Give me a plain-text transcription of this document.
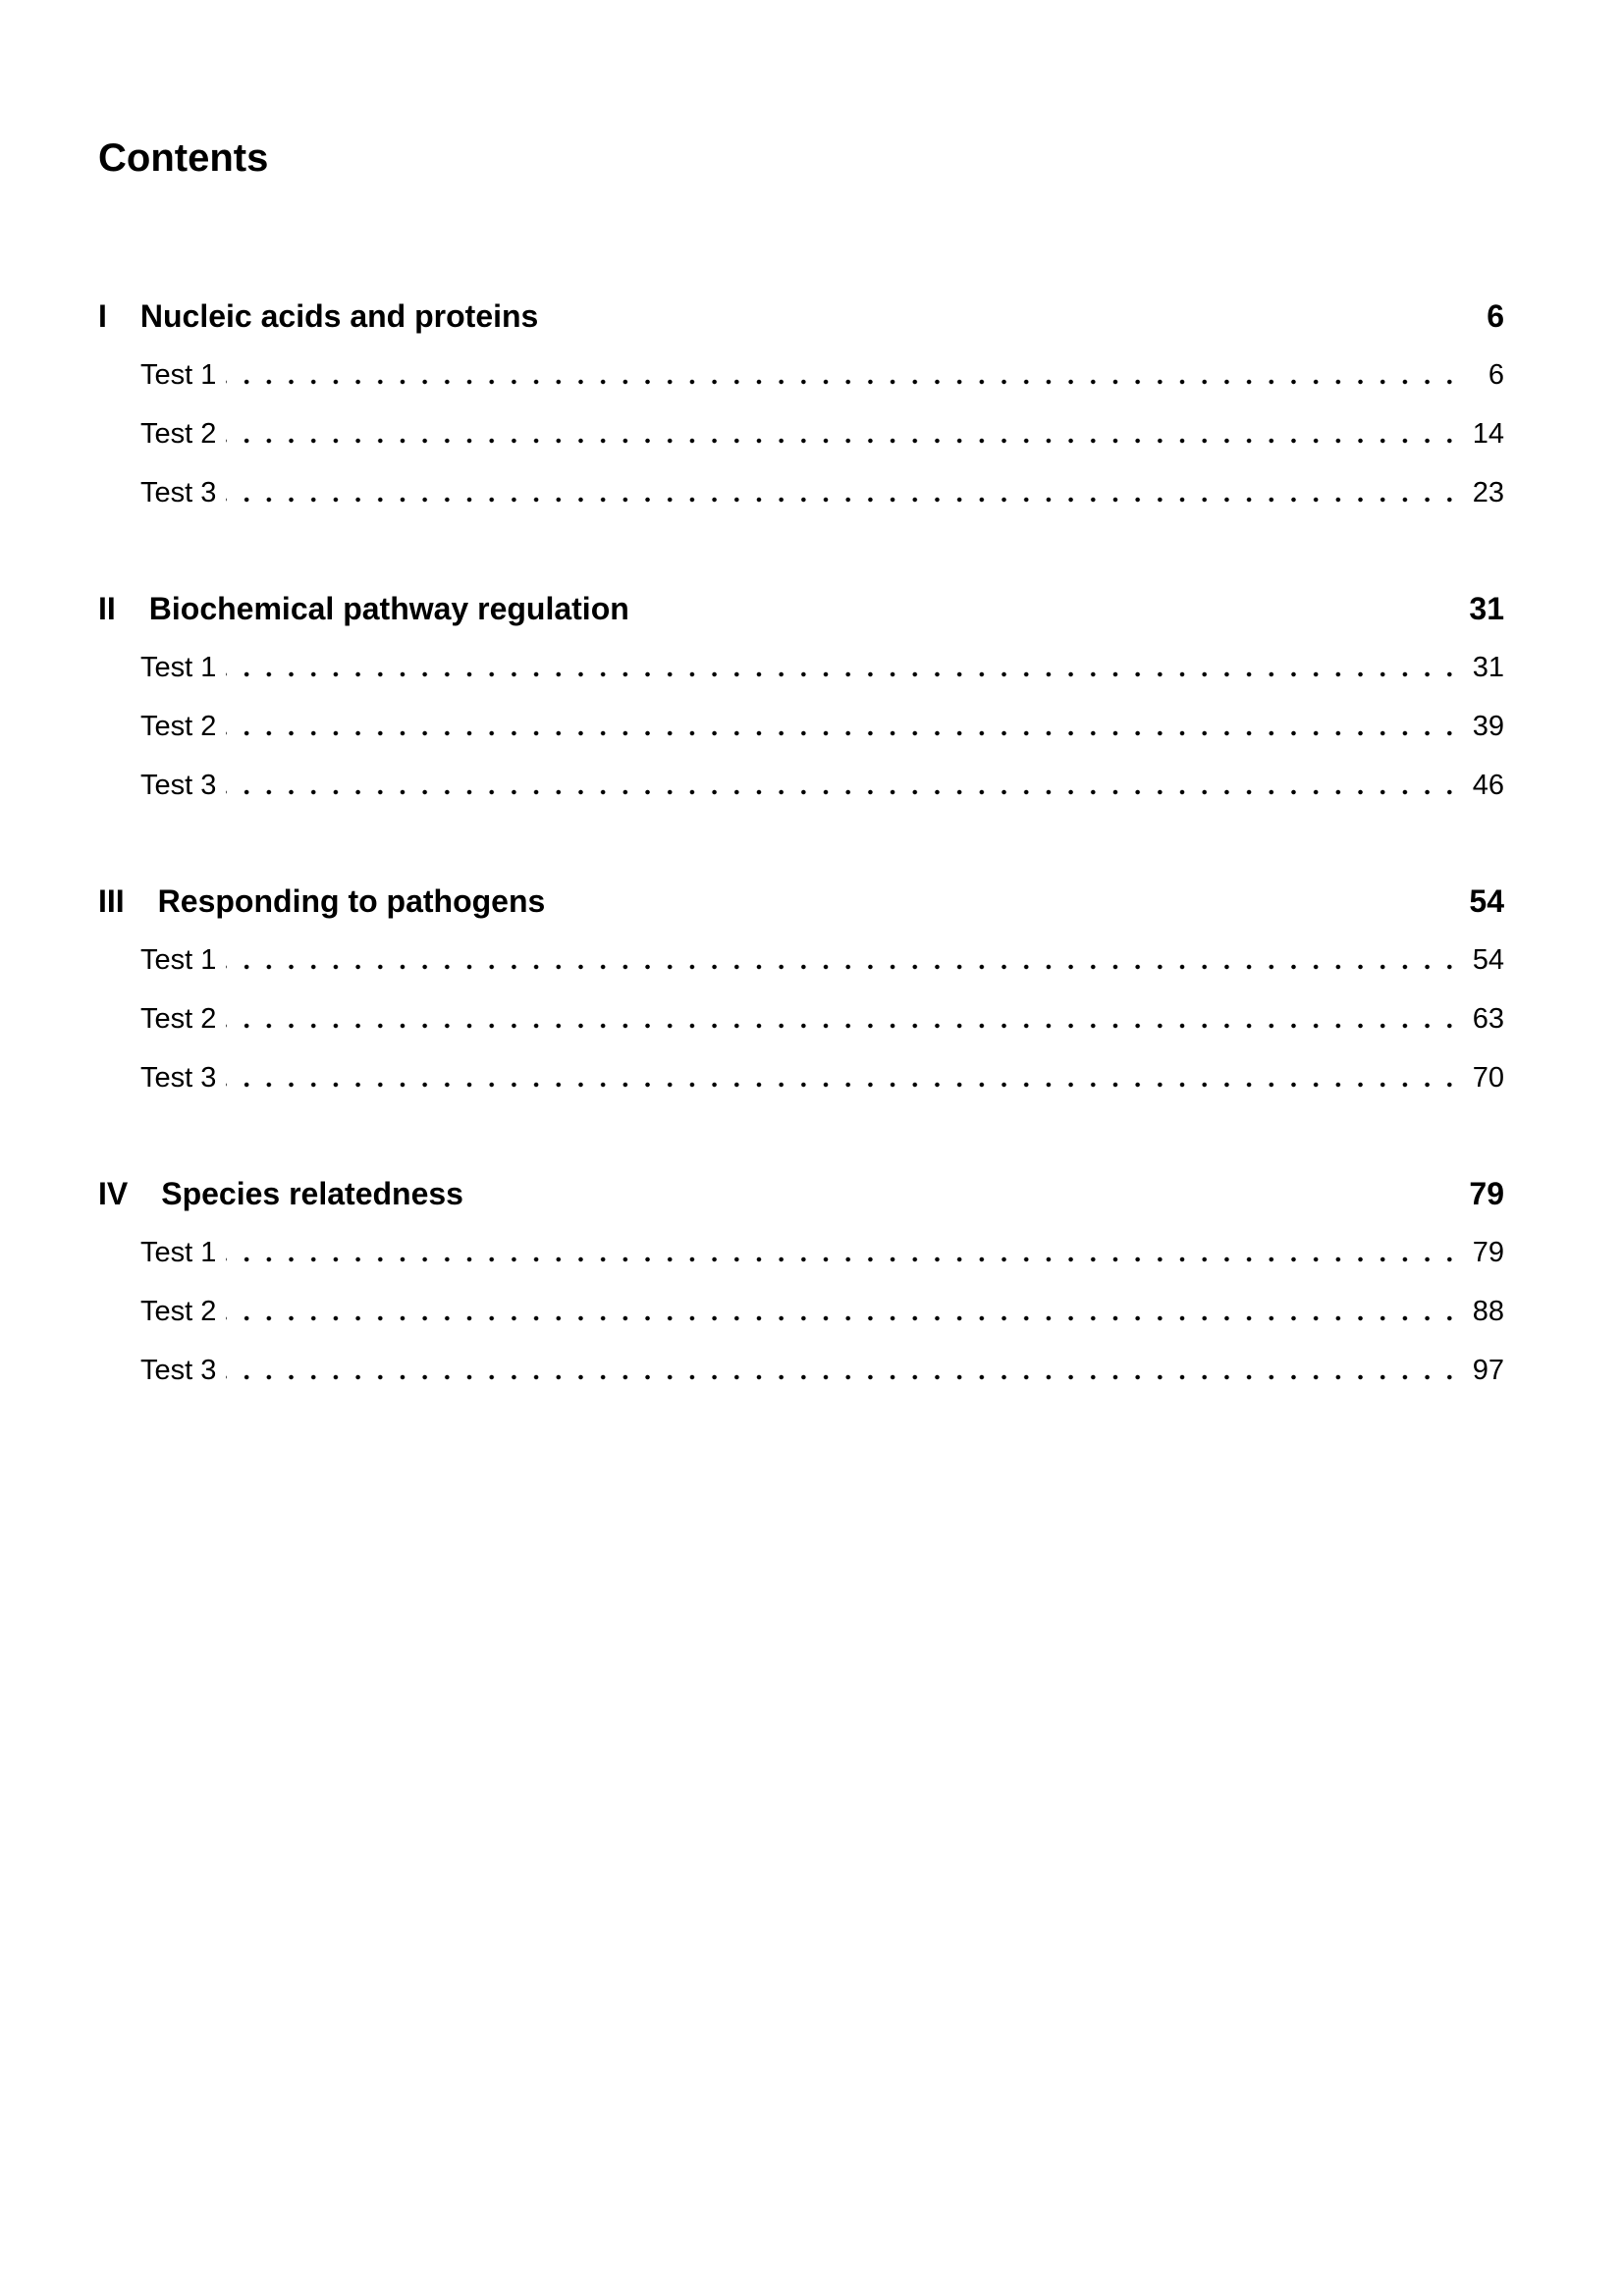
Contents
I Nucleic acids and proteins	6
Test 1	6
Test 2	14
Test 3	23
II Biochemical pathway regulation	31
Test 1	31
Test 2	39
Test 3	46
III Responding to pathogens	54
Test 1	54
Test 2	63
Test 3	70
IV Species relatedness	79
Test 1	79
Test 2	88
Test 3	97
